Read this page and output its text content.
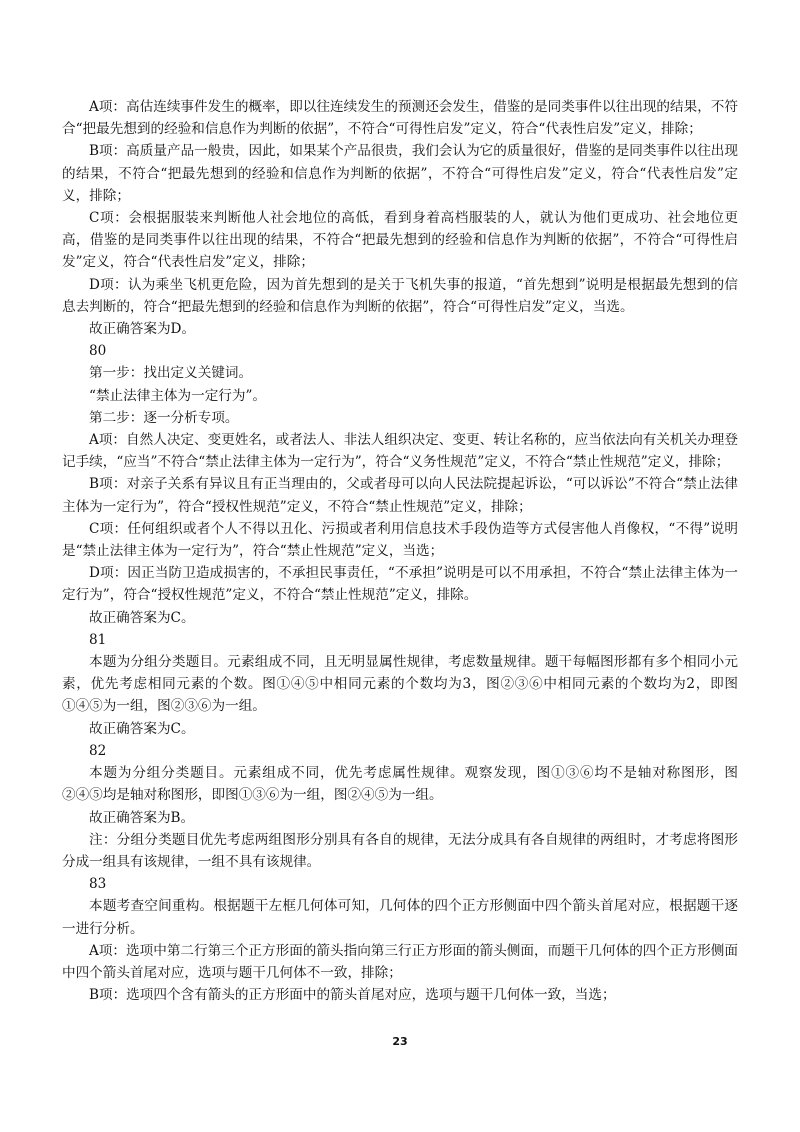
A项：高估连续事件发生的概率，即以往连续发生的预测还会发生，借鉴的是同类事件以往出现的结果，不符合“把最先想到的经验和信息作为判断的依据”，不符合“可得性启发”定义，符合“代表性启发”定义，排除；

B项：高质量产品一般贵，因此，如果某个产品很贵，我们会认为它的质量很好，借鉴的是同类事件以往出现的结果，不符合“把最先想到的经验和信息作为判断的依据”，不符合“可得性启发”定义，符合“代表性启发”定义，排除；

C项：会根据服装来判断他人社会地位的高低，看到身着高档服装的人，就认为他们更成功、社会地位更高，借鉴的是同类事件以往出现的结果，不符合“把最先想到的经验和信息作为判断的依据”，不符合“可得性启发”定义，符合“代表性启发”定义，排除；

D项：认为乘坐飞机更危险，因为首先想到的是关于飞机失事的报道，“首先想到”说明是根据最先想到的信息去判断的，符合“把最先想到的经验和信息作为判断的依据”，符合“可得性启发”定义，当选。

故正确答案为D。

80

第一步：找出定义关键词。

“禁止法律主体为一定行为”。

第二步：逐一分析专项。

A项：自然人决定、变更姓名，或者法人、非法人组织决定、变更、转让名称的，应当依法向有关机关办理登记手续，“应当”不符合“禁止法律主体为一定行为”，符合“义务性规范”定义，不符合“禁止性规范”定义，排除；

B项：对亲子关系有异议且有正当理由的，父或者母可以向人民法院提起诉讼，“可以诉讼”不符合“禁止法律主体为一定行为”，符合“授权性规范”定义，不符合“禁止性规范”定义，排除；

C项：任何组织或者个人不得以丑化、污损或者利用信息技术手段伪造等方式侵害他人肖像权，“不得”说明是“禁止法律主体为一定行为”，符合“禁止性规范”定义，当选；

D项：因正当防卫造成损害的，不承担民事责任，“不承担”说明是可以不用承担，不符合“禁止法律主体为一定行为”，符合“授权性规范”定义，不符合“禁止性规范”定义，排除。

故正确答案为C。

81

本题为分组分类题目。元素组成不同，且无明显属性规律，考虑数量规律。题干每幅图形都有多个相同小元素，优先考虑相同元素的个数。图①④⑤中相同元素的个数均为3，图②③⑥中相同元素的个数均为2，即图①④⑤为一组，图②③⑥为一组。

故正确答案为C。

82

本题为分组分类题目。元素组成不同，优先考虑属性规律。观察发现，图①③⑥均不是轴对称图形，图②④⑤均是轴对称图形，即图①③⑥为一组，图②④⑤为一组。

故正确答案为B。

注：分组分类题目优先考虑两组图形分别具有各自的规律，无法分成具有各自规律的两组时，才考虑将图形分成一组具有该规律，一组不具有该规律。

83

本题考查空间重构。根据题干左框几何体可知，几何体的四个正方形侧面中四个箭头首尾对应，根据题干逐一进行分析。

A项：选项中第二行第三个正方形面的箭头指向第三行正方形面的箭头侧面，而题干几何体的四个正方形侧面中四个箭头首尾对应，选项与题干几何体不一致，排除；

B项：选项四个含有箭头的正方形面中的箭头首尾对应，选项与题干几何体一致，当选；

23
